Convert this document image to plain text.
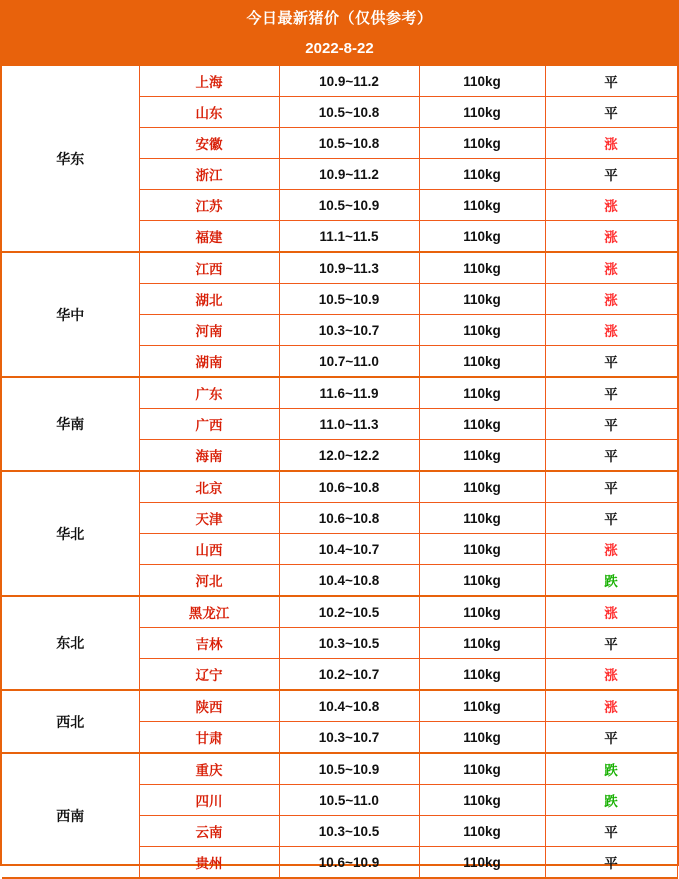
今日最新猪价（仅供参考）
2022-8-22
华东	上海	10.9~11.2	110kg	平
	山东	10.5~10.8	110kg	平
	安徽	10.5~10.8	110kg	涨
	浙江	10.9~11.2	110kg	平
	江苏	10.5~10.9	110kg	涨
	福建	11.1~11.5	110kg	涨
华中	江西	10.9~11.3	110kg	涨
	湖北	10.5~10.9	110kg	涨
	河南	10.3~10.7	110kg	涨
	湖南	10.7~11.0	110kg	平
华南	广东	11.6~11.9	110kg	平
	广西	11.0~11.3	110kg	平
	海南	12.0~12.2	110kg	平
华北	北京	10.6~10.8	110kg	平
	天津	10.6~10.8	110kg	平
	山西	10.4~10.7	110kg	涨
	河北	10.4~10.8	110kg	跌
东北	黑龙江	10.2~10.5	110kg	涨
	吉林	10.3~10.5	110kg	平
	辽宁	10.2~10.7	110kg	涨
西北	陕西	10.4~10.8	110kg	涨
	甘肃	10.3~10.7	110kg	平
西南	重庆	10.5~10.9	110kg	跌
	四川	10.5~11.0	110kg	跌
	云南	10.3~10.5	110kg	平
	贵州	10.6~10.9	110kg	平
